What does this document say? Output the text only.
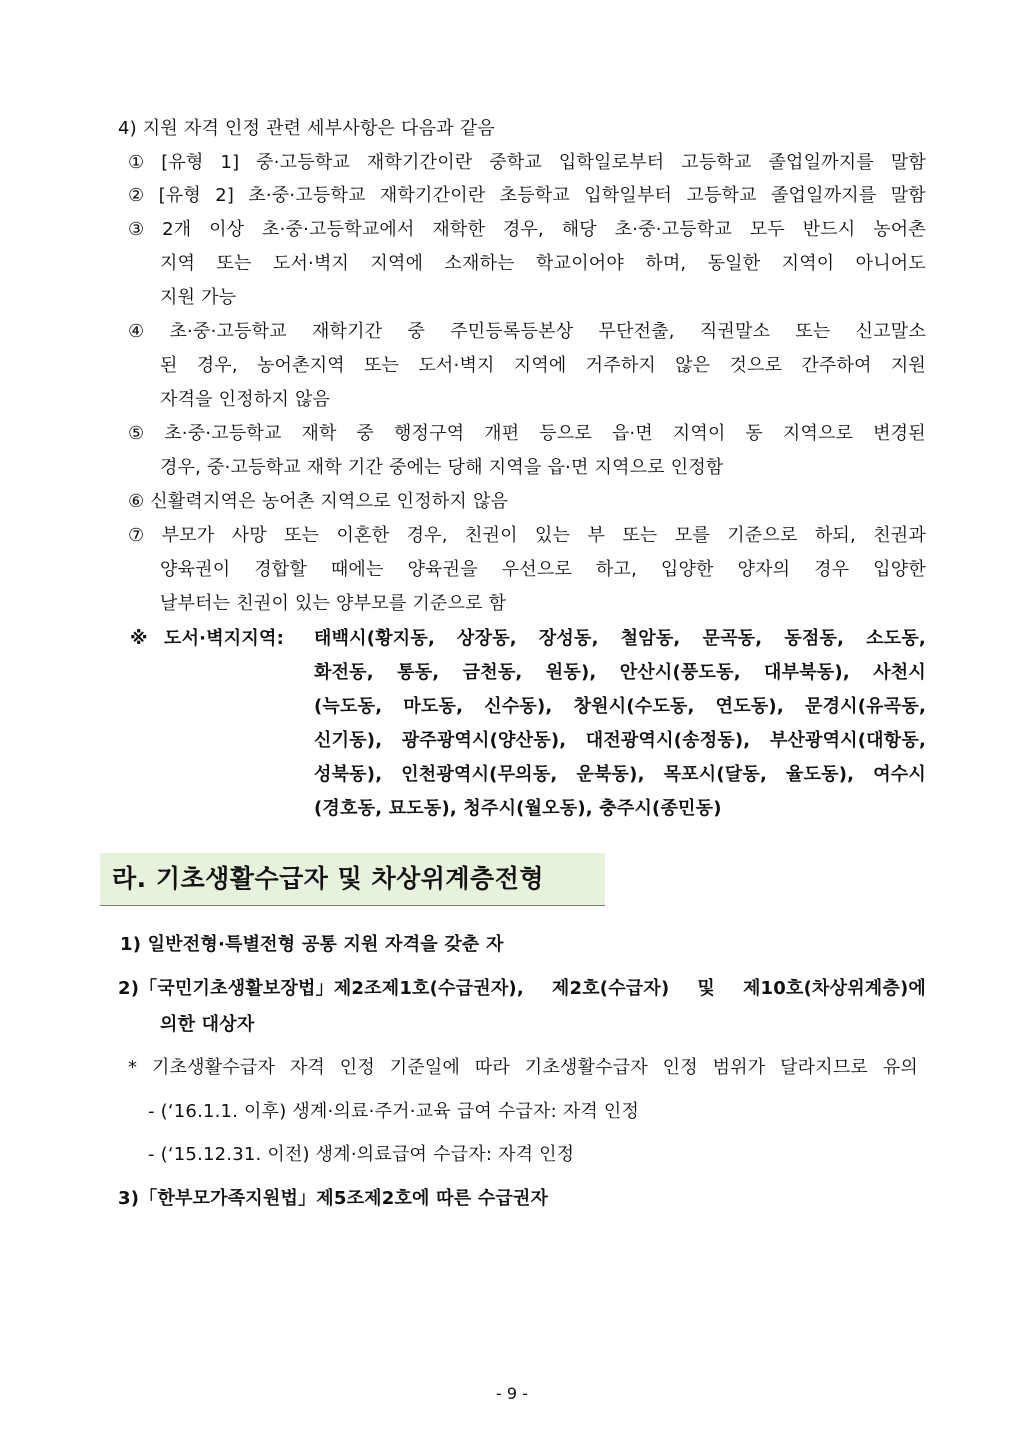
4) 지원 자격 인정 관련 세부사항은 다음과 같음
① [유형 1] 중·고등학교 재학기간이란 중학교 입학일로부터 고등학교 졸업일까지를 말함
② [유형 2] 초·중·고등학교 재학기간이란 초등학교 입학일부터 고등학교 졸업일까지를 말함
③ 2개 이상 초·중·고등학교에서 재학한 경우, 해당 초·중·고등학교 모두 반드시 농어촌
지역 또는 도서·벽지 지역에 소재하는 학교이어야 하며, 동일한 지역이 아니어도
지원 가능
④ 초·중·고등학교 재학기간 중 주민등록등본상 무단전출, 직권말소 또는 신고말소
된 경우, 농어촌지역 또는 도서·벽지 지역에 거주하지 않은 것으로 간주하여 지원
자격을 인정하지 않음
⑤ 초·중·고등학교 재학 중 행정구역 개편 등으로 읍·면 지역이 동 지역으로 변경된
경우, 중·고등학교 재학 기간 중에는 당해 지역을 읍·면 지역으로 인정함
⑥ 신활력지역은 농어촌 지역으로 인정하지 않음
⑦ 부모가 사망 또는 이혼한 경우, 친권이 있는 부 또는 모를 기준으로 하되, 친권과
양육권이 경합할 때에는 양육권을 우선으로 하고, 입양한 양자의 경우 입양한
날부터는 친권이 있는 양부모를 기준으로 함
※ 도서·벽지지역: 태백시(황지동, 상장동, 장성동, 철암동, 문곡동, 동점동, 소도동,
화전동, 통동, 금천동, 원동), 안산시(풍도동, 대부북동), 사천시
(늑도동, 마도동, 신수동), 창원시(수도동, 연도동), 문경시(유곡동,
신기동), 광주광역시(양산동), 대전광역시(송정동), 부산광역시(대항동,
성북동), 인천광역시(무의동, 운북동), 목포시(달동, 율도동), 여수시
(경호동, 묘도동), 청주시(월오동), 충주시(종민동)
라. 기초생활수급자 및 차상위계층전형
1) 일반전형·특별전형 공통 지원 자격을 갖춘 자
2)「국민기초생활보장법」제2조제1호(수급권자), 제2호(수급자) 및 제10호(차상위계층)에
의한 대상자
* 기초생활수급자 자격 인정 기준일에 따라 기초생활수급자 인정 범위가 달라지므로 유의
- (‘16.1.1. 이후) 생계·의료·주거·교육 급여 수급자: 자격 인정
- (‘15.12.31. 이전) 생계·의료급여 수급자: 자격 인정
3)「한부모가족지원법」제5조제2호에 따른 수급권자
- 9 -
